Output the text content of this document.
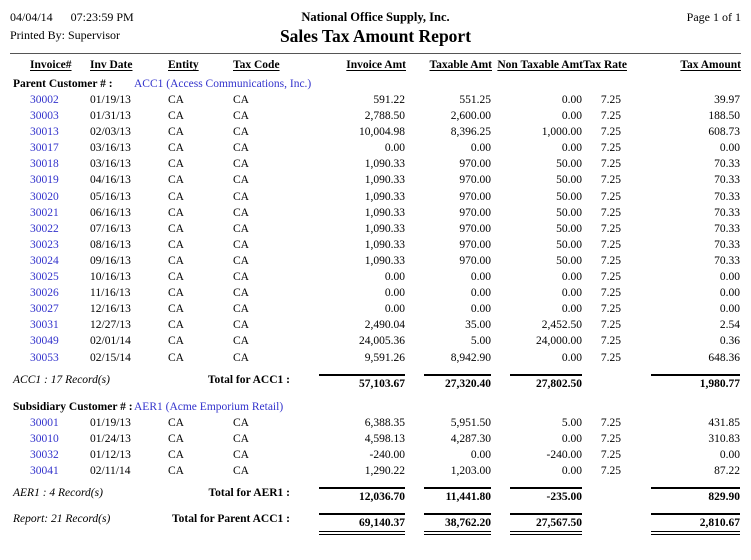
04/04/14 07:23:59 PM
Printed By: Supervisor
National Office Supply, Inc.
Sales Tax Amount Report
Page 1 of 1
Invoice#	Inv Date	Entity	Tax Code	Invoice Amt	Taxable Amt	Non Taxable Amt	Tax Rate	Tax Amount
Parent Customer # : ACC1 (Access Communications, Inc.)								
30002	01/19/13	CA	CA	591.22	551.25	0.00	7.25	39.97
30003	01/31/13	CA	CA	2,788.50	2,600.00	0.00	7.25	188.50
30013	02/03/13	CA	CA	10,004.98	8,396.25	1,000.00	7.25	608.73
30017	03/16/13	CA	CA	0.00	0.00	0.00	7.25	0.00
30018	03/16/13	CA	CA	1,090.33	970.00	50.00	7.25	70.33
30019	04/16/13	CA	CA	1,090.33	970.00	50.00	7.25	70.33
30020	05/16/13	CA	CA	1,090.33	970.00	50.00	7.25	70.33
30021	06/16/13	CA	CA	1,090.33	970.00	50.00	7.25	70.33
30022	07/16/13	CA	CA	1,090.33	970.00	50.00	7.25	70.33
30023	08/16/13	CA	CA	1,090.33	970.00	50.00	7.25	70.33
30024	09/16/13	CA	CA	1,090.33	970.00	50.00	7.25	70.33
30025	10/16/13	CA	CA	0.00	0.00	0.00	7.25	0.00
30026	11/16/13	CA	CA	0.00	0.00	0.00	7.25	0.00
30027	12/16/13	CA	CA	0.00	0.00	0.00	7.25	0.00
30031	12/27/13	CA	CA	2,490.04	35.00	2,452.50	7.25	2.54
30049	02/01/14	CA	CA	24,005.36	5.00	24,000.00	7.25	0.36
30053	02/15/14	CA	CA	9,591.26	8,942.90	0.00	7.25	648.36

ACC1 : 17 Record(s) Total for ACC1 :				57,103.67	27,320.40	27,802.50		1,980.77

Subsidiary Customer # :AER1 (Acme Emporium Retail)								
30001	01/19/13	CA	CA	6,388.35	5,951.50	5.00	7.25	431.85
30010	01/24/13	CA	CA	4,598.13	4,287.30	0.00	7.25	310.83
30032	01/12/13	CA	CA	-240.00	0.00	-240.00	7.25	0.00
30041	02/11/14	CA	CA	1,290.22	1,203.00	0.00	7.25	87.22

AER1 : 4 Record(s) Total for AER1 :				12,036.70	11,441.80	-235.00		829.90

Report: 21 Record(s) Total for Parent ACC1 :				69,140.37	38,762.20	27,567.50		2,810.67
